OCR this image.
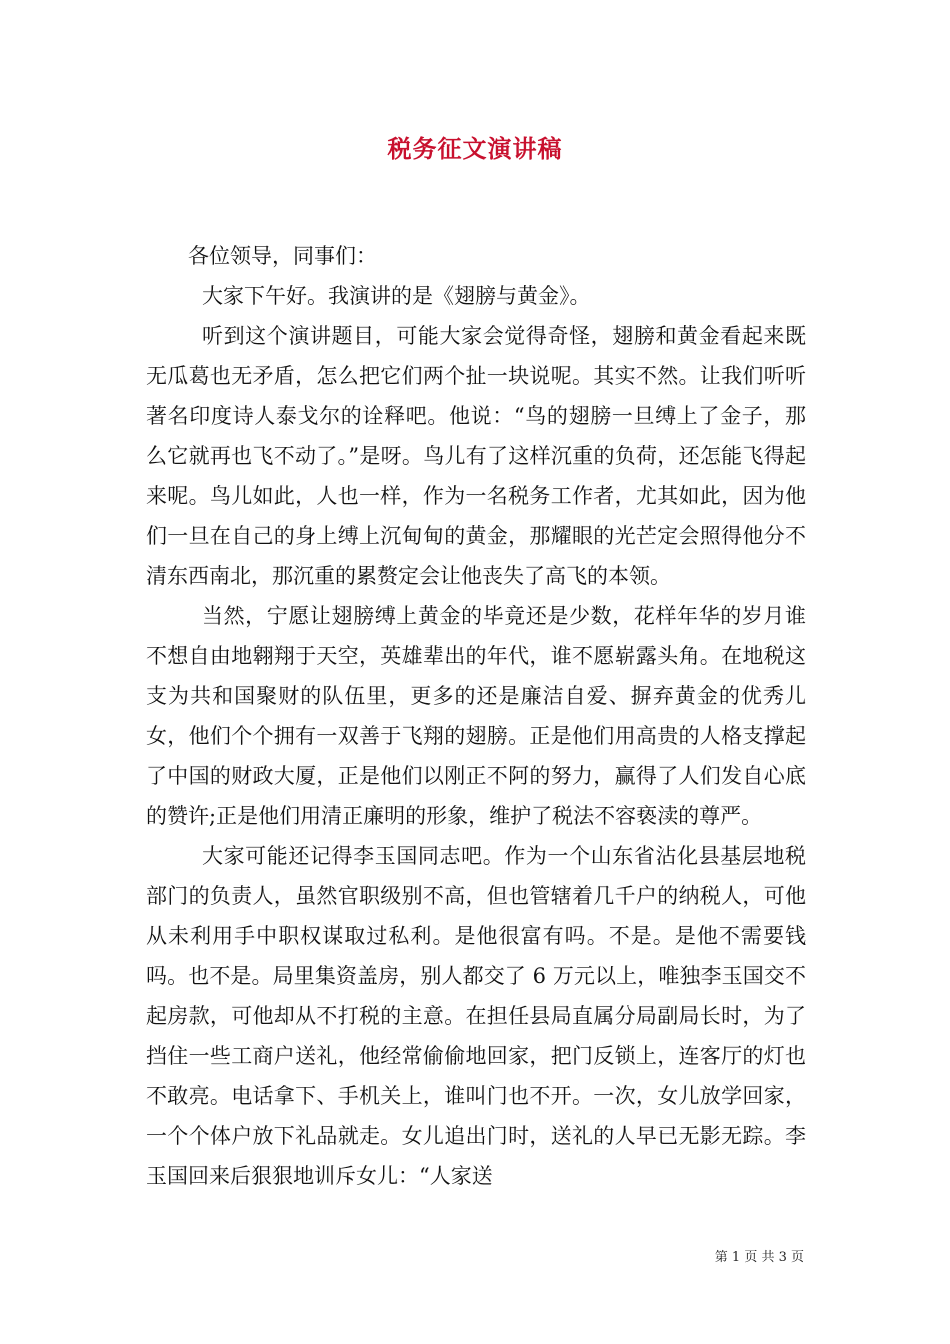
税务征文演讲稿

各位领导，同事们：

大家下午好。我演讲的是《翅膀与黄金》。

听到这个演讲题目，可能大家会觉得奇怪，翅膀和黄金看起来既无瓜葛也无矛盾，怎么把它们两个扯一块说呢。其实不然。让我们听听著名印度诗人泰戈尔的诠释吧。他说：“鸟的翅膀一旦缚上了金子，那么它就再也飞不动了。”是呀。鸟儿有了这样沉重的负荷，还怎能飞得起来呢。鸟儿如此，人也一样，作为一名税务工作者，尤其如此，因为他们一旦在自己的身上缚上沉甸甸的黄金，那耀眼的光芒定会照得他分不清东西南北，那沉重的累赘定会让他丧失了高飞的本领。

当然，宁愿让翅膀缚上黄金的毕竟还是少数，花样年华的岁月谁不想自由地翱翔于天空，英雄辈出的年代，谁不愿崭露头角。在地税这支为共和国聚财的队伍里，更多的还是廉洁自爱、摒弃黄金的优秀儿女，他们个个拥有一双善于飞翔的翅膀。正是他们用高贵的人格支撑起了中国的财政大厦，正是他们以刚正不阿的努力，赢得了人们发自心底的赞许;正是他们用清正廉明的形象，维护了税法不容亵渎的尊严。

大家可能还记得李玉国同志吧。作为一个山东省沾化县基层地税部门的负责人，虽然官职级别不高，但也管辖着几千户的纳税人，可他从未利用手中职权谋取过私利。是他很富有吗。不是。是他不需要钱吗。也不是。局里集资盖房，别人都交了 6 万元以上，唯独李玉国交不起房款，可他却从不打税的主意。在担任县局直属分局副局长时，为了挡住一些工商户送礼，他经常偷偷地回家，把门反锁上，连客厅的灯也不敢亮。电话拿下、手机关上，谁叫门也不开。一次，女儿放学回家，一个个体户放下礼品就走。女儿追出门时，送礼的人早已无影无踪。李玉国回来后狠狠地训斥女儿：“人家送

第 1 页 共 3 页
